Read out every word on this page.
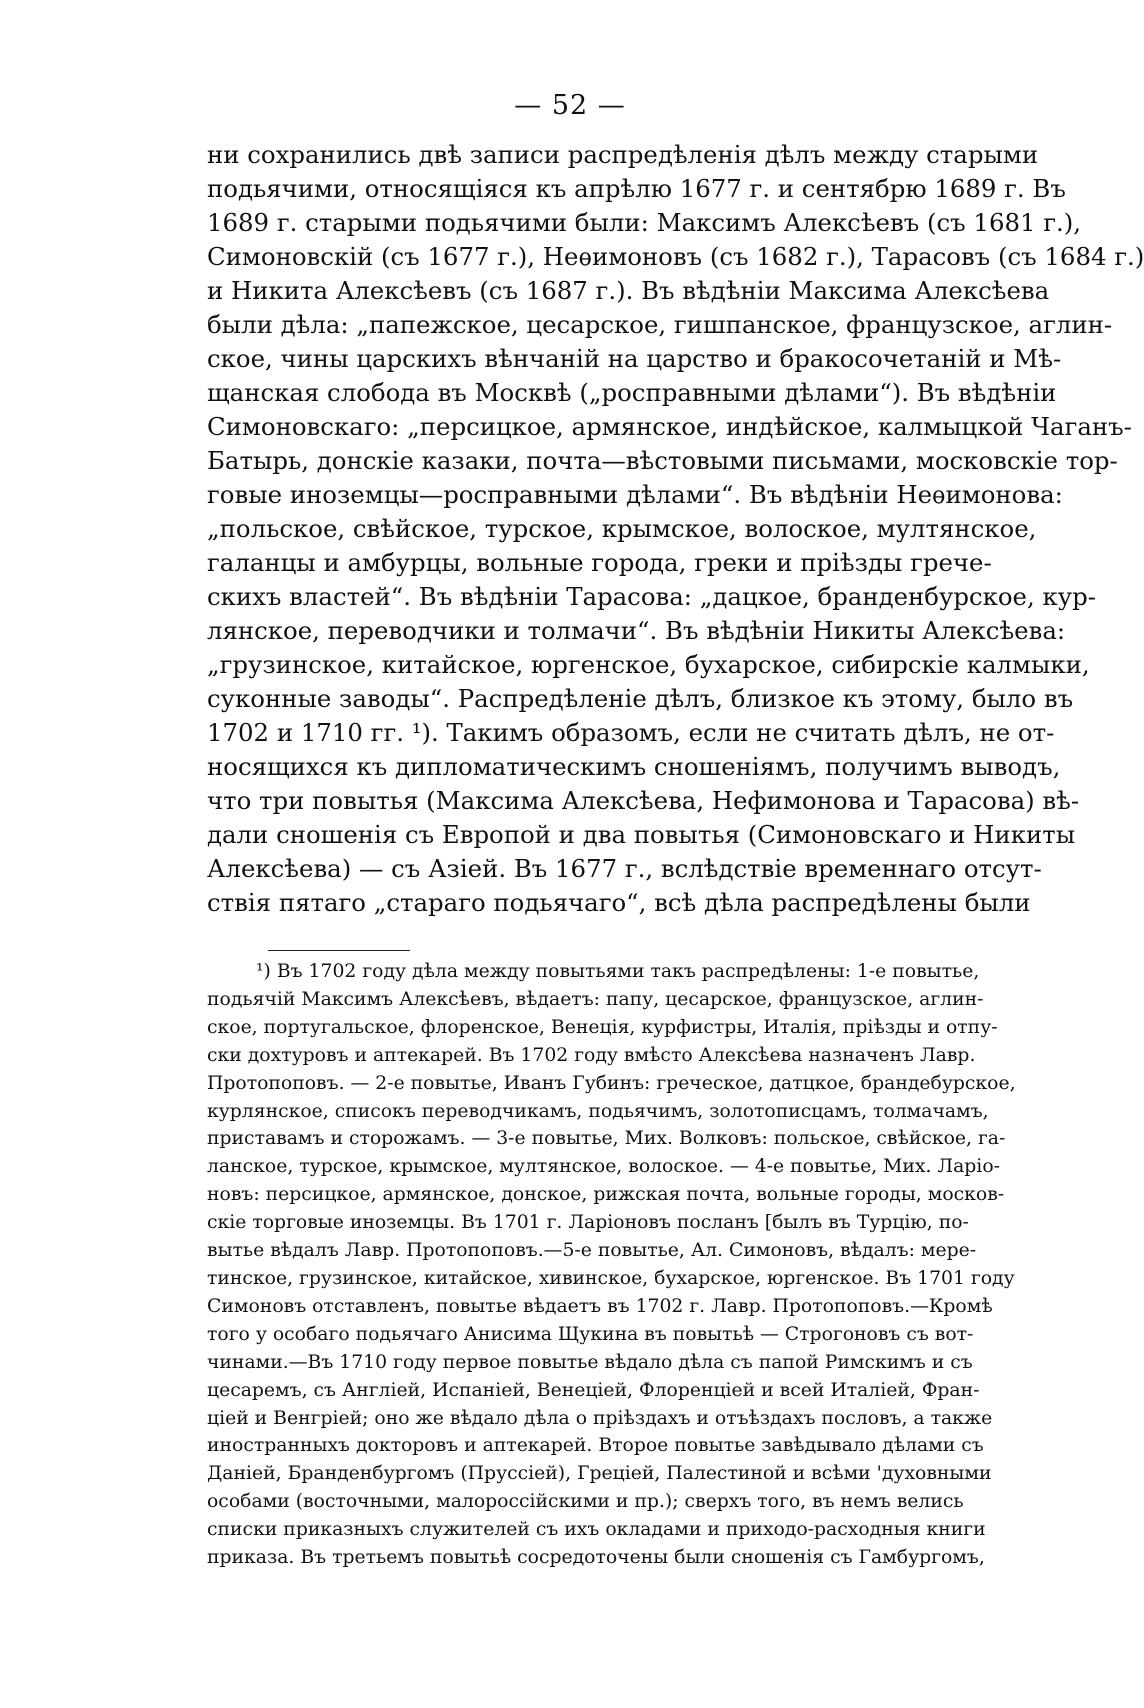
— 52 —
ни сохранились двѣ записи распредѣленія дѣлъ между старыми
подьячими, относящіяся къ апрѣлю 1677 г. и сентябрю 1689 г. Въ
1689 г. старыми подьячими были: Максимъ Алексѣевъ (съ 1681 г.),
Симоновскій (съ 1677 г.), Неѳимоновъ (съ 1682 г.), Тарасовъ (съ 1684 г.)
и Никита Алексѣевъ (съ 1687 г.). Въ вѣдѣніи Максима Алексѣева
были дѣла: „папежское, цесарское, гишпанское, французское, аглин-
ское, чины царскихъ вѣнчаній на царство и бракосочетаній и Мѣ-
щанская слобода въ Москвѣ („росправными дѣлами“). Въ вѣдѣніи
Симоновскаго: „персицкое, армянское, индѣйское, калмыцкой Чаганъ-
Батырь, донскіе казаки, почта—вѣстовыми письмами, московскіе тор-
говые иноземцы—росправными дѣлами“. Въ вѣдѣніи Неѳимонова:
„польское, свѣйское, турское, крымское, волоское, мултянское,
галанцы и амбурцы, вольные города, греки и пріѣзды грече-
скихъ властей“. Въ вѣдѣніи Тарасова: „дацкое, бранденбурское, кур-
лянское, переводчики и толмачи“. Въ вѣдѣніи Никиты Алексѣева:
„грузинское, китайское, юргенское, бухарское, сибирскіе калмыки,
суконные заводы“. Распредѣленіе дѣлъ, близкое къ этому, было въ
1702 и 1710 гг. ¹). Такимъ образомъ, если не считать дѣлъ, не от-
носящихся къ дипломатическимъ сношеніямъ, получимъ выводъ,
что три повытья (Максима Алексѣева, Нефимонова и Тарасова) вѣ-
дали сношенія съ Европой и два повытья (Симоновскаго и Никиты
Алексѣева) — съ Азіей. Въ 1677 г., вслѣдствіе временнаго отсут-
ствія пятаго „стараго подьячаго“, всѣ дѣла распредѣлены были
¹) Въ 1702 году дѣла между повытьями такъ распредѣлены: 1-е повытье,
подьячій Максимъ Алексѣевъ, вѣдаетъ: папу, цесарское, французское, аглин-
ское, португальское, флоренское, Венеція, курфистры, Италія, пріѣзды и отпу-
ски дохтуровъ и аптекарей. Въ 1702 году вмѣсто Алексѣева назначенъ Лавр.
Протопоповъ. — 2-е повытье, Иванъ Губинъ: греческое, датцкое, брандебурское,
курлянское, списокъ переводчикамъ, подьячимъ, золотописцамъ, толмачамъ,
приставамъ и сторожамъ. — 3-е повытье, Мих. Волковъ: польское, свѣйское, га-
ланское, турское, крымское, мултянское, волоское. — 4-е повытье, Мих. Ларіо-
новъ: персицкое, армянское, донское, рижская почта, вольные городы, москов-
скіе торговые иноземцы. Въ 1701 г. Ларіоновъ посланъ [былъ въ Турцію, по-
вытье вѣдалъ Лавр. Протопоповъ.—5-е повытье, Ал. Симоновъ, вѣдалъ: мере-
тинское, грузинское, китайское, хивинское, бухарское, юргенское. Въ 1701 году
Симоновъ отставленъ, повытье вѣдаетъ въ 1702 г. Лавр. Протопоповъ.—Кромѣ
того у особаго подьячаго Анисима Щукина въ повытьѣ — Строгоновъ съ вот-
чинами.—Въ 1710 году первое повытье вѣдало дѣла съ папой Римскимъ и съ
цесаремъ, съ Англіей, Испаніей, Венеціей, Флоренціей и всей Италіей, Фран-
ціей и Венгріей; оно же вѣдало дѣла о пріѣздахъ и отъѣздахъ пословъ, а также
иностранныхъ докторовъ и аптекарей. Второе повытье завѣдывало дѣлами съ
Даніей, Бранденбургомъ (Пруссіей), Греціей, Палестиной и всѣми 'духовными
особами (восточными, малороссійскими и пр.); сверхъ того, въ немъ велись
списки приказныхъ служителей съ ихъ окладами и приходо-расходныя книги
приказа. Въ третьемъ повытьѣ сосредоточены были сношенія съ Гамбургомъ,
